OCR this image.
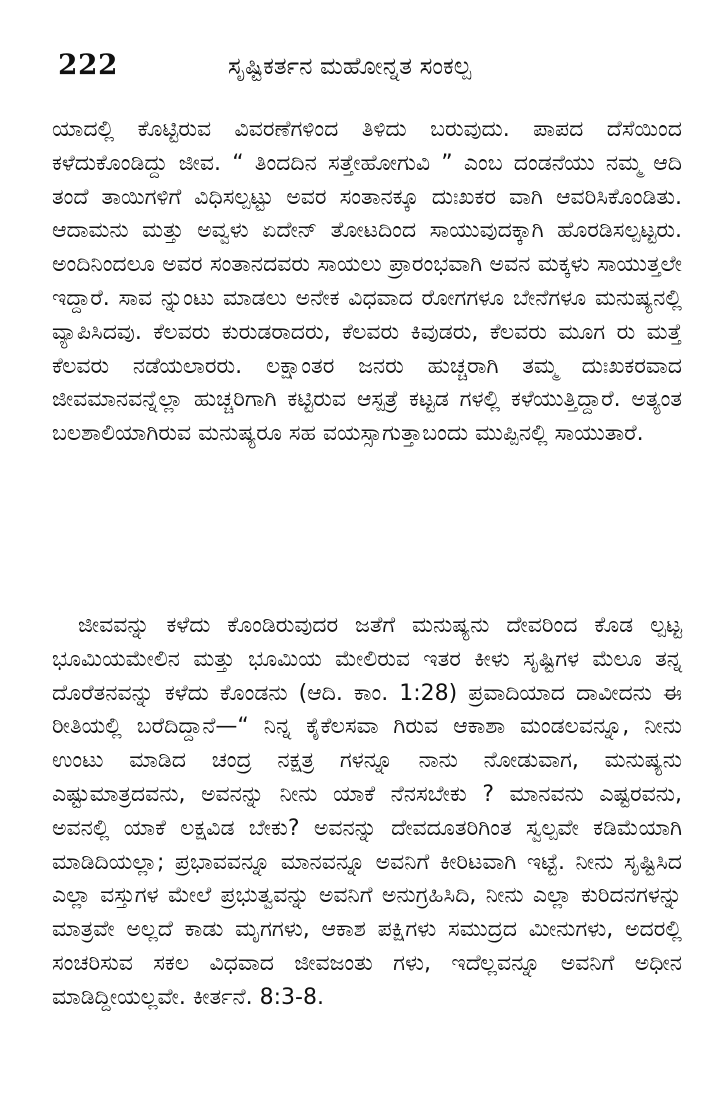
222	ಸೃಷ್ಟಿಕರ್ತನ ಮಹೋನ್ನತ ಸಂಕಲ್ಪ

ಯಾದಲ್ಲಿ ಕೊಟ್ಟಿರುವ ವಿವರಣೆಗಳಿಂದ ತಿಳಿದು ಬರುವುದು. ಪಾಪದ ದೆಸೆಯಿಂದ ಕಳೆದುಕೊಂಡಿದ್ದು ಜೀವ. “ ತಿಂದದಿನ ಸತ್ತೇಹೋಗುವಿ ” ಎಂಬ ದಂಡನೆಯು ನಮ್ಮ ಆದಿ ತಂದೆ ತಾಯಿಗಳಿಗೆ ವಿಧಿಸಲ್ಪಟ್ಟು ಅವರ ಸಂತಾನಕ್ಕೂ ದುಃಖಕರ ವಾಗಿ ಆವರಿಸಿಕೊಂಡಿತು. ಆದಾಮನು ಮತ್ತು ಅವ್ವಳು ಏದೇನ್ ತೋಟದಿಂದ ಸಾಯುವುದಕ್ಕಾಗಿ ಹೊರಡಿಸಲ್ಪಟ್ಟರು. ಅಂದಿನಿಂದಲೂ ಅವರ ಸಂತಾನದವರು ಸಾಯಲು ಪ್ರಾರಂಭವಾಗಿ ಅವನ ಮಕ್ಕಳು ಸಾಯುತ್ತಲೇ ಇದ್ದಾರೆ. ಸಾವ ನ್ನುಂಟು ಮಾಡಲು ಅನೇಕ ವಿಧವಾದ ರೋಗಗಳೂ ಬೇನೆಗಳೂ ಮನುಷ್ಯನಲ್ಲಿ ವ್ಯಾಪಿಸಿದವು. ಕೆಲವರು ಕುರುಡರಾದರು, ಕೆಲವರು ಕಿವುಡರು, ಕೆಲವರು ಮೂಗ ರು ಮತ್ತೆ ಕೆಲವರು ನಡೆಯಲಾರರು. ಲಕ್ಷಾಂತರ ಜನರು ಹುಚ್ಚರಾಗಿ ತಮ್ಮ ದುಃಖಕರವಾದ ಜೀವಮಾನವನ್ನೆಲ್ಲಾ ಹುಚ್ಚರಿಗಾಗಿ ಕಟ್ಟಿರುವ ಆಸ್ಪತ್ರೆ ಕಟ್ಟಡ ಗಳಲ್ಲಿ ಕಳೆಯುತ್ತಿದ್ದಾರೆ. ಅತ್ಯಂತ ಬಲಶಾಲಿಯಾಗಿರುವ ಮನುಷ್ಯರೂ ಸಹ ವಯಸ್ಸಾಗುತ್ತಾಬಂದು ಮುಪ್ಪಿನಲ್ಲಿ ಸಾಯುತಾರೆ.

ಜೀವವನ್ನು ಕಳೆದು ಕೊಂಡಿರುವುದರ ಜತೆಗೆ ಮನುಷ್ಯನು ದೇವರಿಂದ ಕೊಡ ಲ್ಪಟ್ಟ ಭೂಮಿಯಮೇಲಿನ ಮತ್ತು ಭೂಮಿಯ ಮೇಲಿರುವ ಇತರ ಕೀಳು ಸೃಷ್ಟಿಗಳ ಮೆಲೂ ತನ್ನ ದೊರೆತನವನ್ನು ಕಳೆದು ಕೊಂಡನು (ಆದಿ. ಕಾಂ. 1:28) ಪ್ರವಾದಿಯಾದ ದಾವೀದನು ಈ ರೀತಿಯಲ್ಲಿ ಬರೆದಿದ್ದಾನೆ—“ ನಿನ್ನ ಕೈಕೆಲಸವಾ ಗಿರುವ ಆಕಾಶಾ ಮಂಡಲವನ್ನೂ, ನೀನು ಉಂಟು ಮಾಡಿದ ಚಂದ್ರ ನಕ್ಷತ್ರ ಗಳನ್ನೂ ನಾನು ನೋಡುವಾಗ, ಮನುಷ್ಯನು ಎಷ್ಟುಮಾತ್ರದವನು, ಅವನನ್ನು ನೀನು ಯಾಕೆ ನೆನಸಬೇಕು ? ಮಾನವನು ಎಷ್ಟರವನು, ಅವನಲ್ಲಿ ಯಾಕೆ ಲಕ್ಷವಿಡ ಬೇಕು? ಅವನನ್ನು ದೇವದೂತರಿಗಿಂತ ಸ್ವಲ್ಪವೇ ಕಡಿಮೆಯಾಗಿ ಮಾಡಿದಿಯಲ್ಲಾ; ಪ್ರಭಾವವನ್ನೂ ಮಾನವನ್ನೂ ಅವನಿಗೆ ಕೀರಿಟವಾಗಿ ಇಟ್ಟೆ. ನೀನು ಸೃಷ್ಟಿಸಿದ ಎಲ್ಲಾ ವಸ್ತುಗಳ ಮೇಲೆ ಪ್ರಭುತ್ವವನ್ನು ಅವನಿಗೆ ಅನುಗ್ರಹಿಸಿದಿ, ನೀನು ಎಲ್ಲಾ ಕುರಿದನಗಳನ್ನು ಮಾತ್ರವೇ ಅಲ್ಲದೆ ಕಾಡು ಮೃಗಗಳು, ಆಕಾಶ ಪಕ್ಷಿಗಳು ಸಮುದ್ರದ ಮೀನುಗಳು, ಅದರಲ್ಲಿ ಸಂಚರಿಸುವ ಸಕಲ ವಿಧವಾದ ಜೀವಜಂತು ಗಳು, ಇದೆಲ್ಲವನ್ನೂ ಅವನಿಗೆ ಅಧೀನ ಮಾಡಿದ್ದೀಯಲ್ಲವೇ. ಕೀರ್ತನೆ. 8:3-8.
